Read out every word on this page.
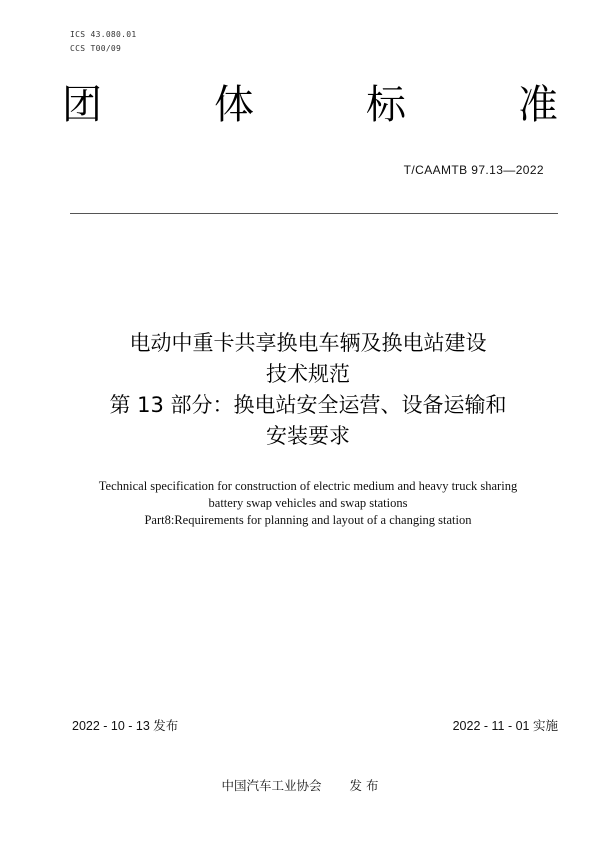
ICS 43.080.01
CCS T00/09
团	体	标	准
T/CAAMTB 97.13—2022
电动中重卡共享换电车辆及换电站建设
技术规范
第 13 部分：换电站安全运营、设备运输和
安装要求
Technical specification for construction of electric medium and heavy truck sharing
battery swap vehicles and swap stations
Part8:Requirements for planning and layout of a changing station
2022 - 10 - 13 发布	2022 - 11 - 01 实施
中国汽车工业协会 发 布
